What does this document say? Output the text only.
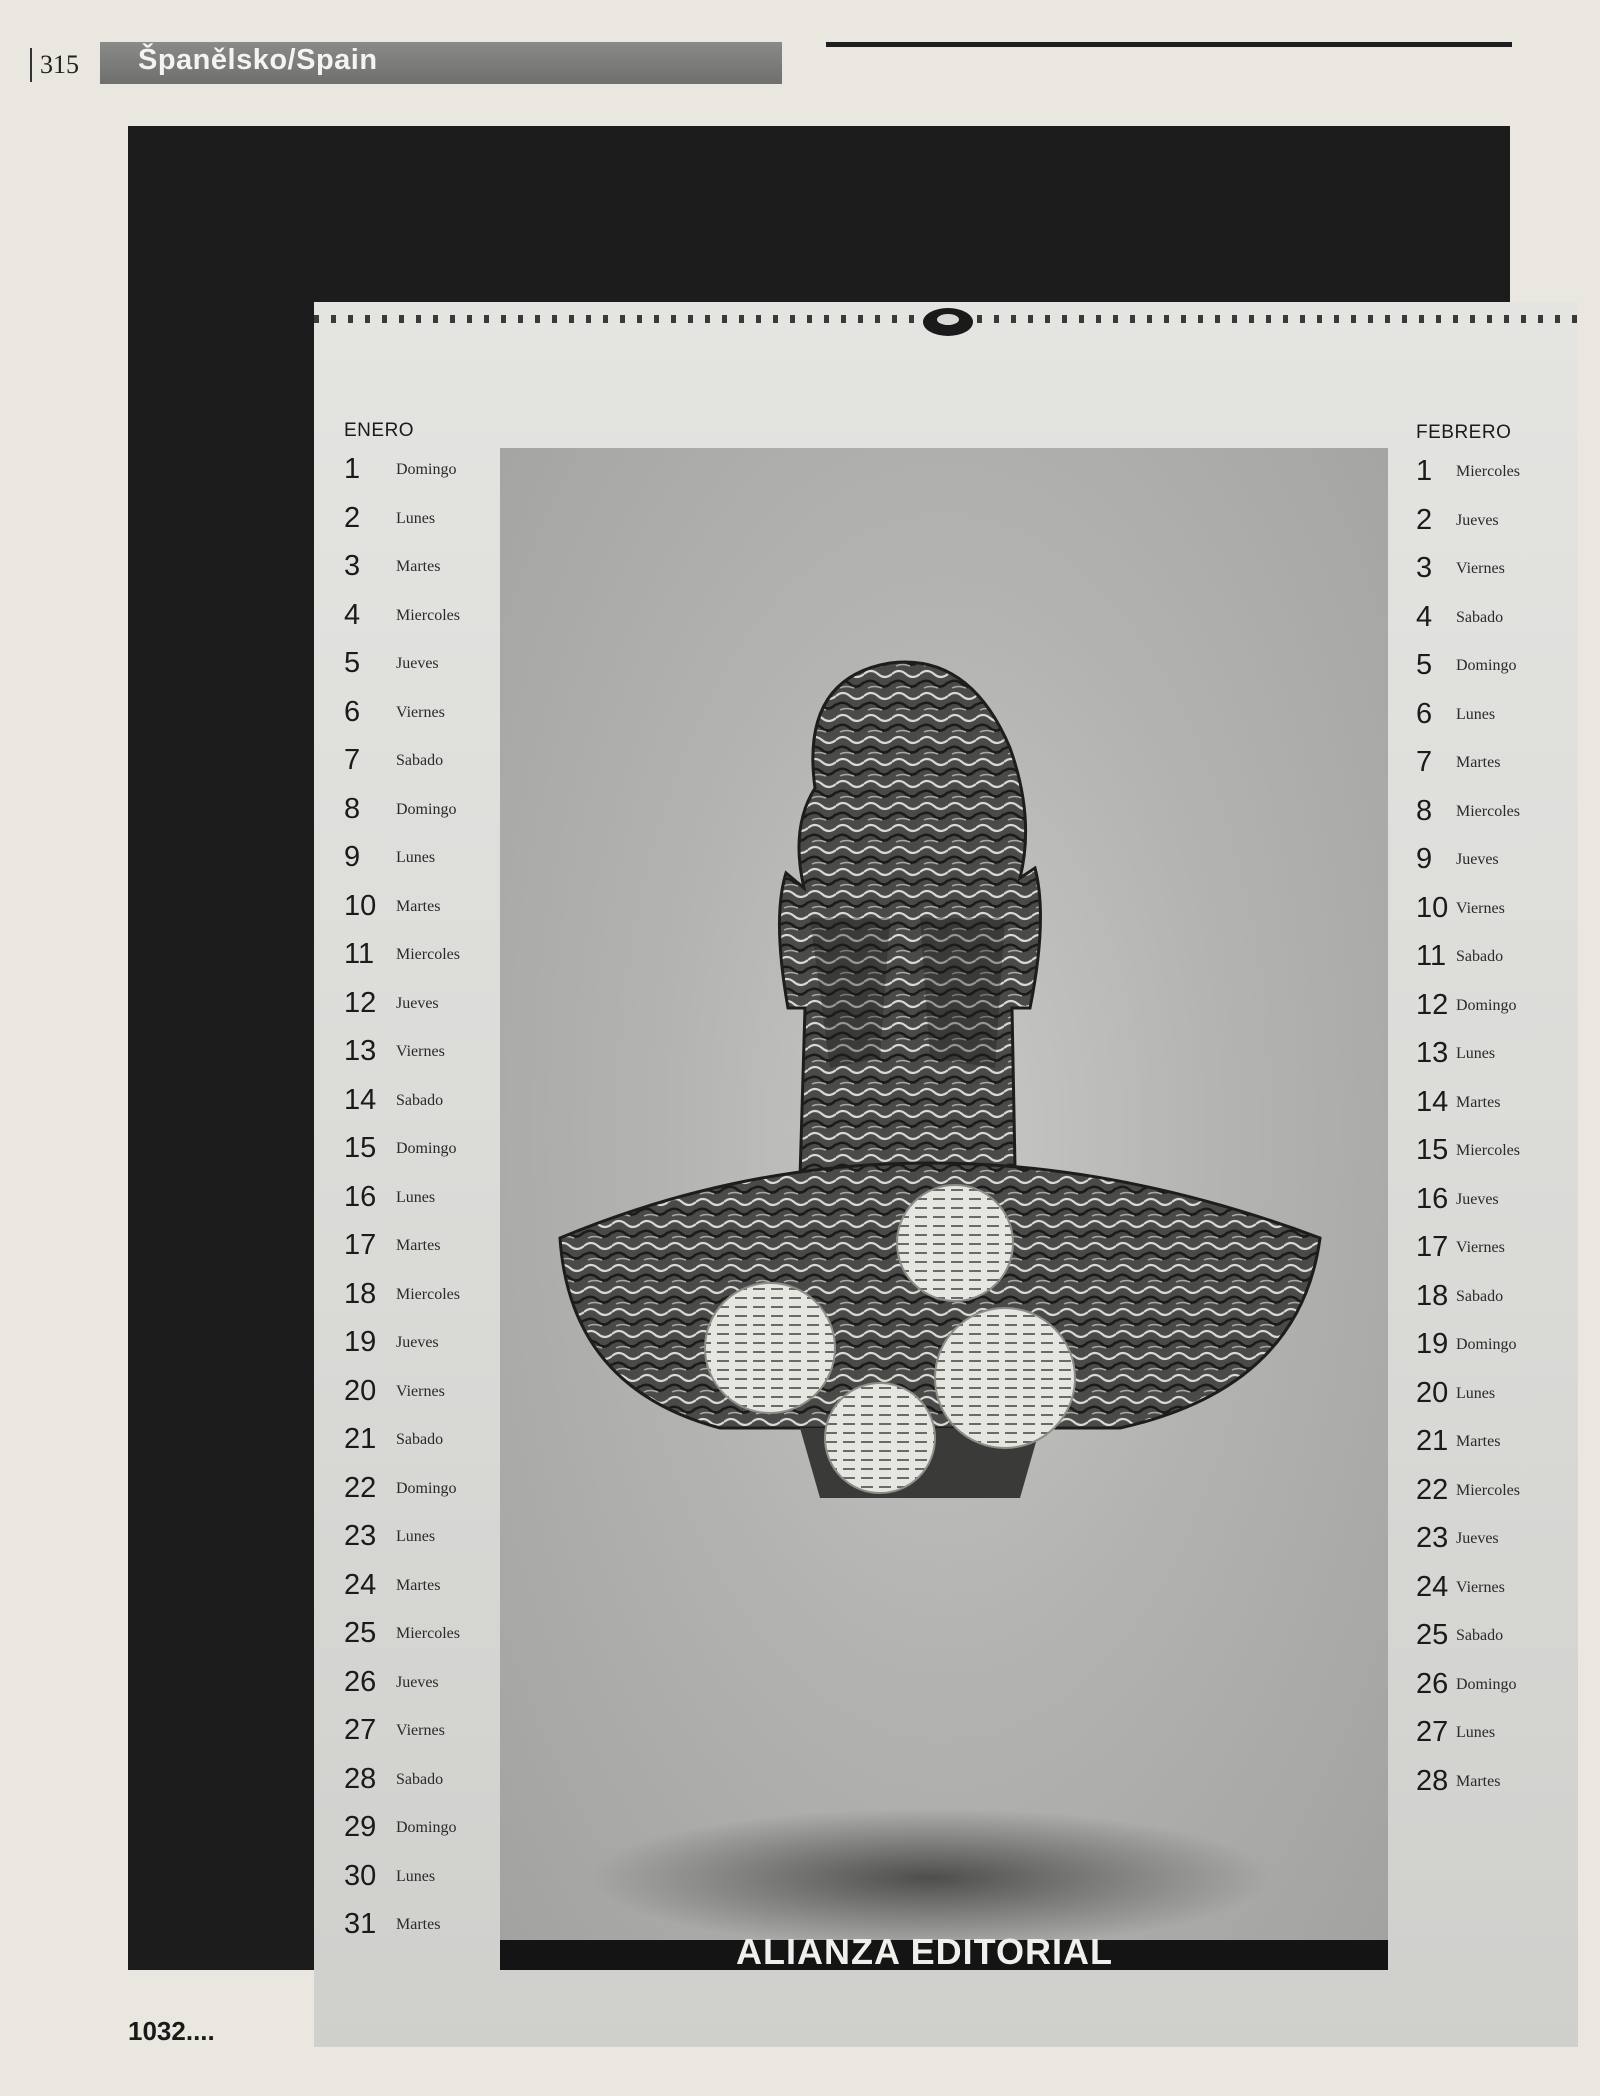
315 Španělsko/Spain
ALIANZA EDITORIAL
ENERO
1	Domingo
2	Lunes
3	Martes
4	Miercoles
5	Jueves
6	Viernes
7	Sabado
8	Domingo
9	Lunes
10	Martes
11	Miercoles
12	Jueves
13	Viernes
14	Sabado
15	Domingo
16	Lunes
17	Martes
18	Miercoles
19	Jueves
20	Viernes
21	Sabado
22	Domingo
23	Lunes
24	Martes
25	Miercoles
26	Jueves
27	Viernes
28	Sabado
29	Domingo
30	Lunes
31	Martes
FEBRERO
1	Miercoles
2	Jueves
3	Viernes
4	Sabado
5	Domingo
6	Lunes
7	Martes
8	Miercoles
9	Jueves
10 Viernes
11 Sabado
12 Domingo
13 Lunes
14 Martes
15 Miercoles
16 Jueves
17 Viernes
18 Sabado
19 Domingo
20 Lunes
21 Martes
22 Miercoles
23 Jueves
24 Viernes
25 Sabado
26 Domingo
27 Lunes
28 Martes
1032....
